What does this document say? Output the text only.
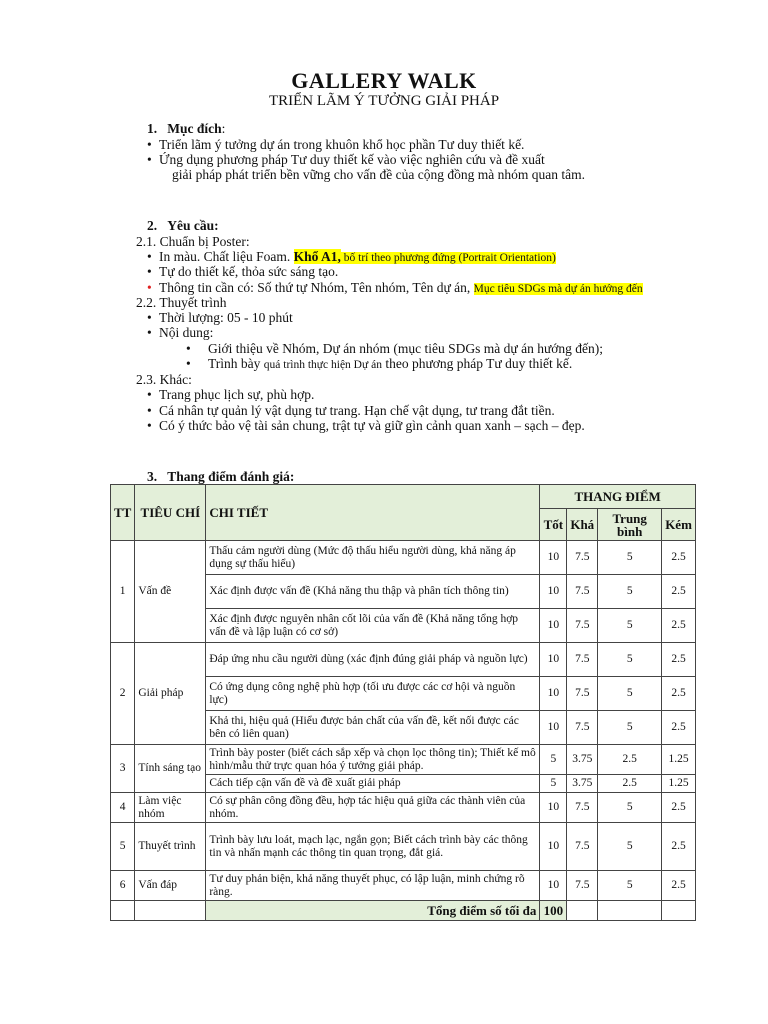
GALLERY WALK
TRIỂN LÃM Ý TƯỞNG GIẢI PHÁP
1. Mục đích:
• Triển lãm ý tưởng dự án trong khuôn khổ học phần Tư duy thiết kế.
• Ứng dụng phương pháp Tư duy thiết kế vào việc nghiên cứu và đề xuất
giải pháp phát triển bền vững cho vấn đề của cộng đồng mà nhóm quan tâm.
2. Yêu cầu:
2.1. Chuẩn bị Poster:
• In màu. Chất liệu Foam. Khổ A1, bố trí theo phương đứng (Portrait Orientation)
• Tự do thiết kế, thỏa sức sáng tạo.
• Thông tin cần có: Số thứ tự Nhóm, Tên nhóm, Tên dự án, Mục tiêu SDGs mà dự án hướng đến
2.2. Thuyết trình
• Thời lượng: 05 - 10 phút
• Nội dung:
• Giới thiệu về Nhóm, Dự án nhóm (mục tiêu SDGs mà dự án hướng đến);
• Trình bày quá trình thực hiện Dự án theo phương pháp Tư duy thiết kế.
2.3. Khác:
• Trang phục lịch sự, phù hợp.
• Cá nhân tự quản lý vật dụng tư trang. Hạn chế vật dụng, tư trang đắt tiền.
• Có ý thức bảo vệ tài sản chung, trật tự và giữ gìn cảnh quan xanh – sạch – đẹp.
3. Thang điểm đánh giá:
TT	TIÊU CHÍ	CHI TIẾT	THANG ĐIỂM			
			Tốt	Khá	Trung bình	Kém
1	Vấn đề	Thấu cảm người dùng (Mức độ thấu hiểu người dùng, khả năng áp dụng sự thấu hiểu)	10	7.5	5	2.5
		Xác định được vấn đề (Khả năng thu thập và phân tích thông tin)	10	7.5	5	2.5
		Xác định được nguyên nhân cốt lõi của vấn đề (Khả năng tổng hợp vấn đề và lập luận có cơ sở)	10	7.5	5	2.5
2	Giải pháp	Đáp ứng nhu cầu người dùng (xác định đúng giải pháp và nguồn lực)	10	7.5	5	2.5
		Có ứng dụng công nghệ phù hợp (tối ưu được các cơ hội và nguồn lực)	10	7.5	5	2.5
		Khả thi, hiệu quả (Hiểu được bản chất của vấn đề, kết nối được các bên có liên quan)	10	7.5	5	2.5
3	Tính sáng tạo	Trình bày poster (biết cách sắp xếp và chọn lọc thông tin); Thiết kế mô hình/mẫu thử trực quan hóa ý tưởng giải pháp.	5	3.75	2.5	1.25
		Cách tiếp cận vấn đề và đề xuất giải pháp	5	3.75	2.5	1.25
4	Làm việc nhóm	Có sự phân công đồng đều, hợp tác hiệu quả giữa các thành viên của nhóm.	10	7.5	5	2.5
5	Thuyết trình	Trình bày lưu loát, mạch lạc, ngắn gọn; Biết cách trình bày các thông tin và nhấn mạnh các thông tin quan trọng, đắt giá.	10	7.5	5	2.5
6	Vấn đáp	Tư duy phản biện, khả năng thuyết phục, có lập luận, minh chứng rõ ràng.	10	7.5	5	2.5
		Tổng điểm số tối đa	100			
